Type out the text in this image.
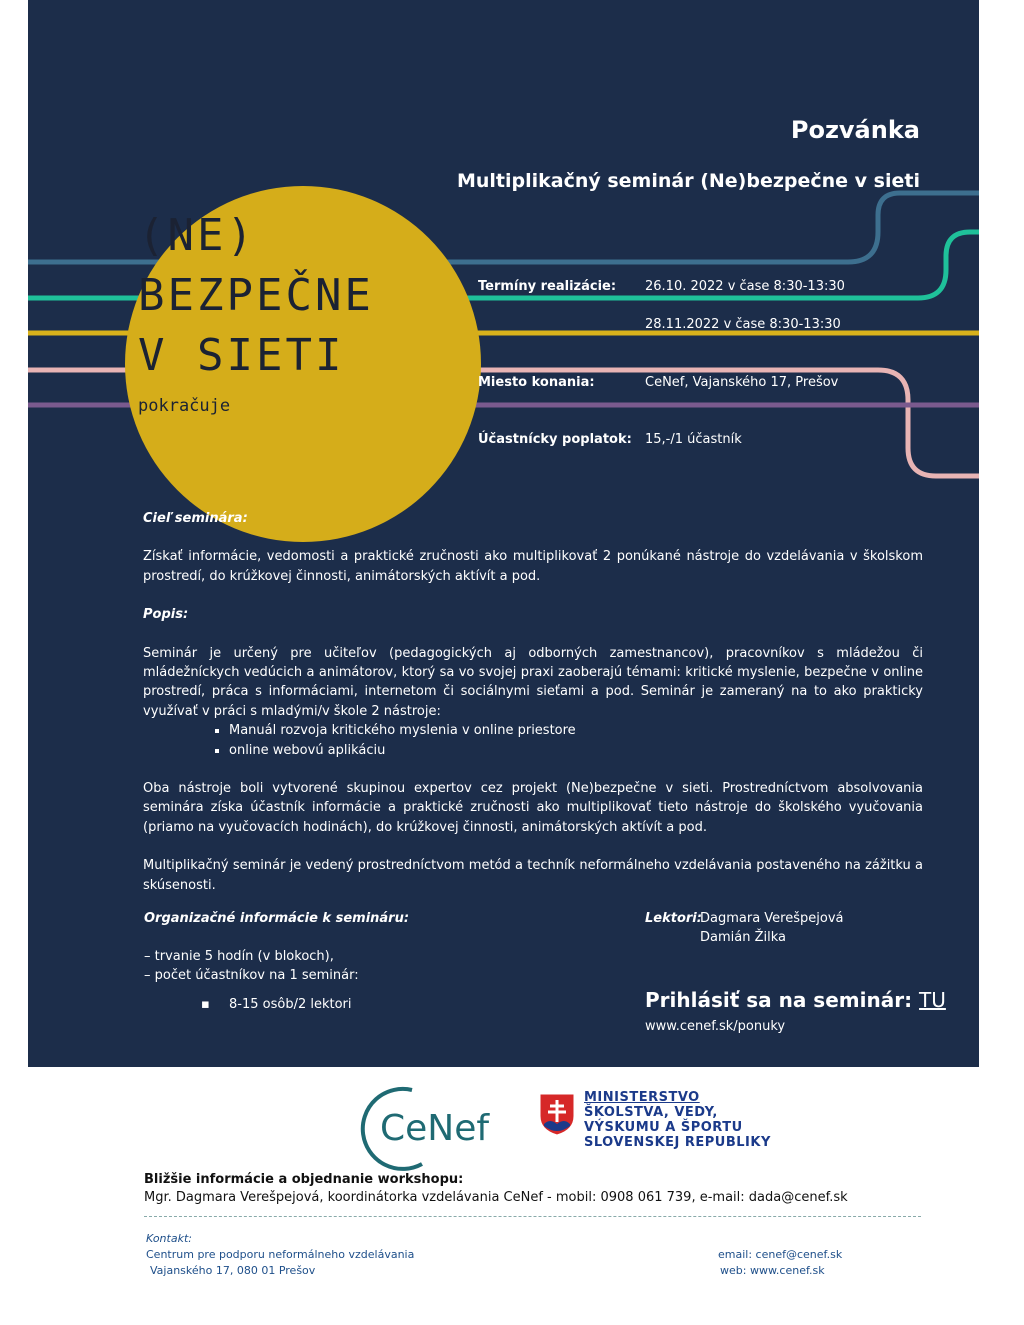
(NE)
BEZPEČNE
V SIETI
pokračuje
Pozvánka
Multiplikačný seminár (Ne)bezpečne v sieti
Termíny realizácie: 26.10. 2022 v čase 8:30-13:30
28.11.2022 v čase 8:30-13:30
Miesto konania:	CeNef, Vajanského 17, Prešov
Účastnícky poplatok: 15,-/1 účastník

Cieľ seminára:

Získať informácie, vedomosti a praktické zručnosti ako multiplikovať 2 ponúkané nástroje do vzdelávania v školskom prostredí, do krúžkovej činnosti, animátorských aktívít a pod.

Popis:

Seminár je určený pre učiteľov (pedagogických aj odborných zamestnancov), pracovníkov s mládežou či mládežníckych vedúcich a animátorov, ktorý sa vo svojej praxi zaoberajú témami: kritické myslenie, bezpečne v online prostredí, práca s informáciami, internetom či sociálnymi sieťami a pod. Seminár je zameraný na to ako prakticky využívať v práci s mladými/v škole 2 nástroje:

▪ Manuál rozvoja kritického myslenia v online priestore
▪ online webovú aplikáciu

Oba nástroje boli vytvorené skupinou expertov cez projekt (Ne)bezpečne v sieti. Prostredníctvom absolvovania seminára získa účastník informácie a praktické zručnosti ako multiplikovať tieto nástroje do školského vyučovania (priamo na vyučovacích hodinách), do krúžkovej činnosti, animátorských aktívít a pod.

Multiplikačný seminár je vedený prostredníctvom metód a techník neformálneho vzdelávania postaveného na zážitku a skúsenosti.

Organizačné informácie k semináru:
– trvanie 5 hodín (v blokoch),
– počet účastníkov na 1 seminár:
▪ 8-15 osôb/2 lektori
Lektori:
Dagmara Verešpejová
Damián Žilka
Prihlásiť sa na seminár: TU
www.cenef.sk/ponuky
CeNef
MINISTERSTVO
ŠKOLSTVA, VEDY,
VÝSKUMU A ŠPORTU
SLOVENSKEJ REPUBLIKY
Bližšie informácie a objednanie workshopu:
Mgr. Dagmara Verešpejová, koordinátorka vzdelávania CeNef - mobil: 0908 061 739, e-mail: dada@cenef.sk
Kontakt:
Centrum pre podporu neformálneho vzdelávania
Vajanského 17, 080 01 Prešov
email: cenef@cenef.sk
web: www.cenef.sk
